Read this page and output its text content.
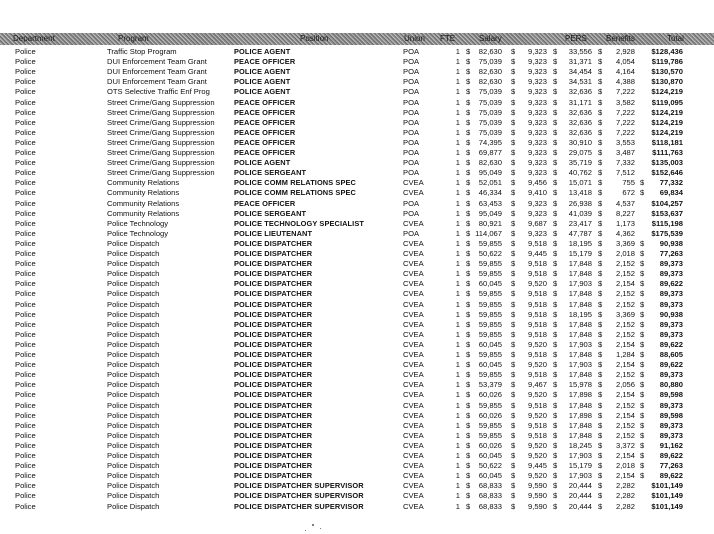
Department	Program	Position	Union FTE	Salary	PERS Benefits	Total
Police	Traffic Stop Program	POLICE AGENT	POA	1 $	82,630 $	9,323 $	33,556 $	2,928	$128,436
Police	DUI Enforcement Team Grant	PEACE OFFICER	POA	1 $	75,039 $	9,323 $	31,371 $	4,054	$119,786
Police	DUI Enforcement Team Grant	POLICE AGENT	POA	1 $	82,630 $	9,323 $	34,454 $	4,164	$130,570
Police	DUI Enforcement Team Grant	POLICE AGENT	POA	1 $	82,630 $	9,323 $	34,531 $	4,388	$130,870
Police	OTS Selective Traffic Enf Prog	POLICE AGENT	POA	1 $	75,039 $	9,323 $	32,636 $	7,222	$124,219
Police	Street Crime/Gang Suppression	PEACE OFFICER	POA	1 $	75,039 $	9,323 $	31,171 $	3,582	$119,095
Police	Street Crime/Gang Suppression	PEACE OFFICER	POA	1 $	75,039 $	9,323 $	32,636 $	7,222	$124,219
Police	Street Crime/Gang Suppression	PEACE OFFICER	POA	1 $	75,039 $	9,323 $	32,636 $	7,222	$124,219
Police	Street Crime/Gang Suppression	PEACE OFFICER	POA	1 $	75,039 $	9,323 $	32,636 $	7,222	$124,219
Police	Street Crime/Gang Suppression	PEACE OFFICER	POA	1 $	74,395 $	9,323 $	30,910 $	3,553	$118,181
Police	Street Crime/Gang Suppression	PEACE OFFICER	POA	1 $	69,877 $	9,323 $	29,075 $	3,487	$111,763
Police	Street Crime/Gang Suppression	POLICE AGENT	POA	1 $	82,630 $	9,323 $	35,719 $	7,332	$135,003
Police	Street Crime/Gang Suppression	POLICE SERGEANT	POA	1 $	95,049 $	9,323 $	40,762 $	7,512	$152,646
Police	Community Relations	POLICE COMM RELATIONS SPEC	CVEA	1 $	52,051 $	9,456 $	15,071 $	755 $	77,332
Police	Community Relations	POLICE COMM RELATIONS SPEC	CVEA	1 $	46,334 $	9,410 $	13,418 $	672 $	69,834
Police	Community Relations	PEACE OFFICER	POA	1 $	63,453 $	9,323 $	26,938 $	4,537	$104,257
Police	Community Relations	POLICE SERGEANT	POA	1 $	95,049 $	9,323 $	41,039 $	8,227	$153,637
Police	Police Technology	POLICE TECHNOLOGY SPECIALIST	CVEA	1 $	80,921 $	9,687 $	23,417 $	1,173	$115,198
Police	Police Technology	POLICE LIEUTENANT	POA	1 $ 114,067 $	9,323 $	47,787 $	4,362	$175,539
Police	Police Dispatch	POLICE DISPATCHER	CVEA	1 $	59,855 $	9,518 $	18,195 $	3,369 $	90,938
Police	Police Dispatch	POLICE DISPATCHER	CVEA	1 $	50,622 $	9,445 $	15,179 $	2,018 $	77,263
Police	Police Dispatch	POLICE DISPATCHER	CVEA	1 $	59,855 $	9,518 $	17,848 $	2,152 $	89,373
Police	Police Dispatch	POLICE DISPATCHER	CVEA	1 $	59,855 $	9,518 $	17,848 $	2,152 $	89,373
Police	Police Dispatch	POLICE DISPATCHER	CVEA	1 $	60,045 $	9,520 $	17,903 $	2,154 $	89,622
Police	Police Dispatch	POLICE DISPATCHER	CVEA	1 $	59,855 $	9,518 $	17,848 $	2,152 $	89,373
Police	Police Dispatch	POLICE DISPATCHER	CVEA	1 $	59,855 $	9,518 $	17,848 $	2,152 $	89,373
Police	Police Dispatch	POLICE DISPATCHER	CVEA	1 $	59,855 $	9,518 $	18,195 $	3,369 $	90,938
Police	Police Dispatch	POLICE DISPATCHER	CVEA	1 $	59,855 $	9,518 $	17,848 $	2,152 $	89,373
Police	Police Dispatch	POLICE DISPATCHER	CVEA	1 $	59,855 $	9,518 $	17,848 $	2,152 $	89,373
Police	Police Dispatch	POLICE DISPATCHER	CVEA	1 $	60,045 $	9,520 $	17,903 $	2,154 $	89,622
Police	Police Dispatch	POLICE DISPATCHER	CVEA	1 $	59,855 $	9,518 $	17,848 $	1,284 $	88,605
Police	Police Dispatch	POLICE DISPATCHER	CVEA	1 $	60,045 $	9,520 $	17,903 $	2,154 $	89,622
Police	Police Dispatch	POLICE DISPATCHER	CVEA	1 $	59,855 $	9,518 $	17,848 $	2,152 $	89,373
Police	Police Dispatch	POLICE DISPATCHER	CVEA	1 $	53,379 $	9,467 $	15,978 $	2,056 $	80,880
Police	Police Dispatch	POLICE DISPATCHER	CVEA	1 $	60,026 $	9,520 $	17,898 $	2,154 $	89,598
Police	Police Dispatch	POLICE DISPATCHER	CVEA	1 $	59,855 $	9,518 $	17,848 $	2,152 $	89,373
Police	Police Dispatch	POLICE DISPATCHER	CVEA	1 $	60,026 $	9,520 $	17,898 $	2,154 $	89,598
Police	Police Dispatch	POLICE DISPATCHER	CVEA	1 $	59,855 $	9,518 $	17,848 $	2,152 $	89,373
Police	Police Dispatch	POLICE DISPATCHER	CVEA	1 $	59,855 $	9,518 $	17,848 $	2,152 $	89,373
Police	Police Dispatch	POLICE DISPATCHER	CVEA	1 $	60,026 $	9,520 $	18,245 $	3,372 $	91,162
Police	Police Dispatch	POLICE DISPATCHER	CVEA	1 $	60,045 $	9,520 $	17,903 $	2,154 $	89,622
Police	Police Dispatch	POLICE DISPATCHER	CVEA	1 $	50,622 $	9,445 $	15,179 $	2,018 $	77,263
Police	Police Dispatch	POLICE DISPATCHER	CVEA	1 $	60,045 $	9,520 $	17,903 $	2,154 $	89,622
Police	Police Dispatch	POLICE DISPATCHER SUPERVISOR	CVEA	1 $	68,833 $	9,590 $	20,444 $	2,282	$101,149
Police	Police Dispatch	POLICE DISPATCHER SUPERVISOR	CVEA	1 $	68,833 $	9,590 $	20,444 $	2,282	$101,149
Police	Police Dispatch	POLICE DISPATCHER SUPERVISOR	CVEA	1 $	68,833 $	9,590 $	20,444 $	2,282	$101,149
